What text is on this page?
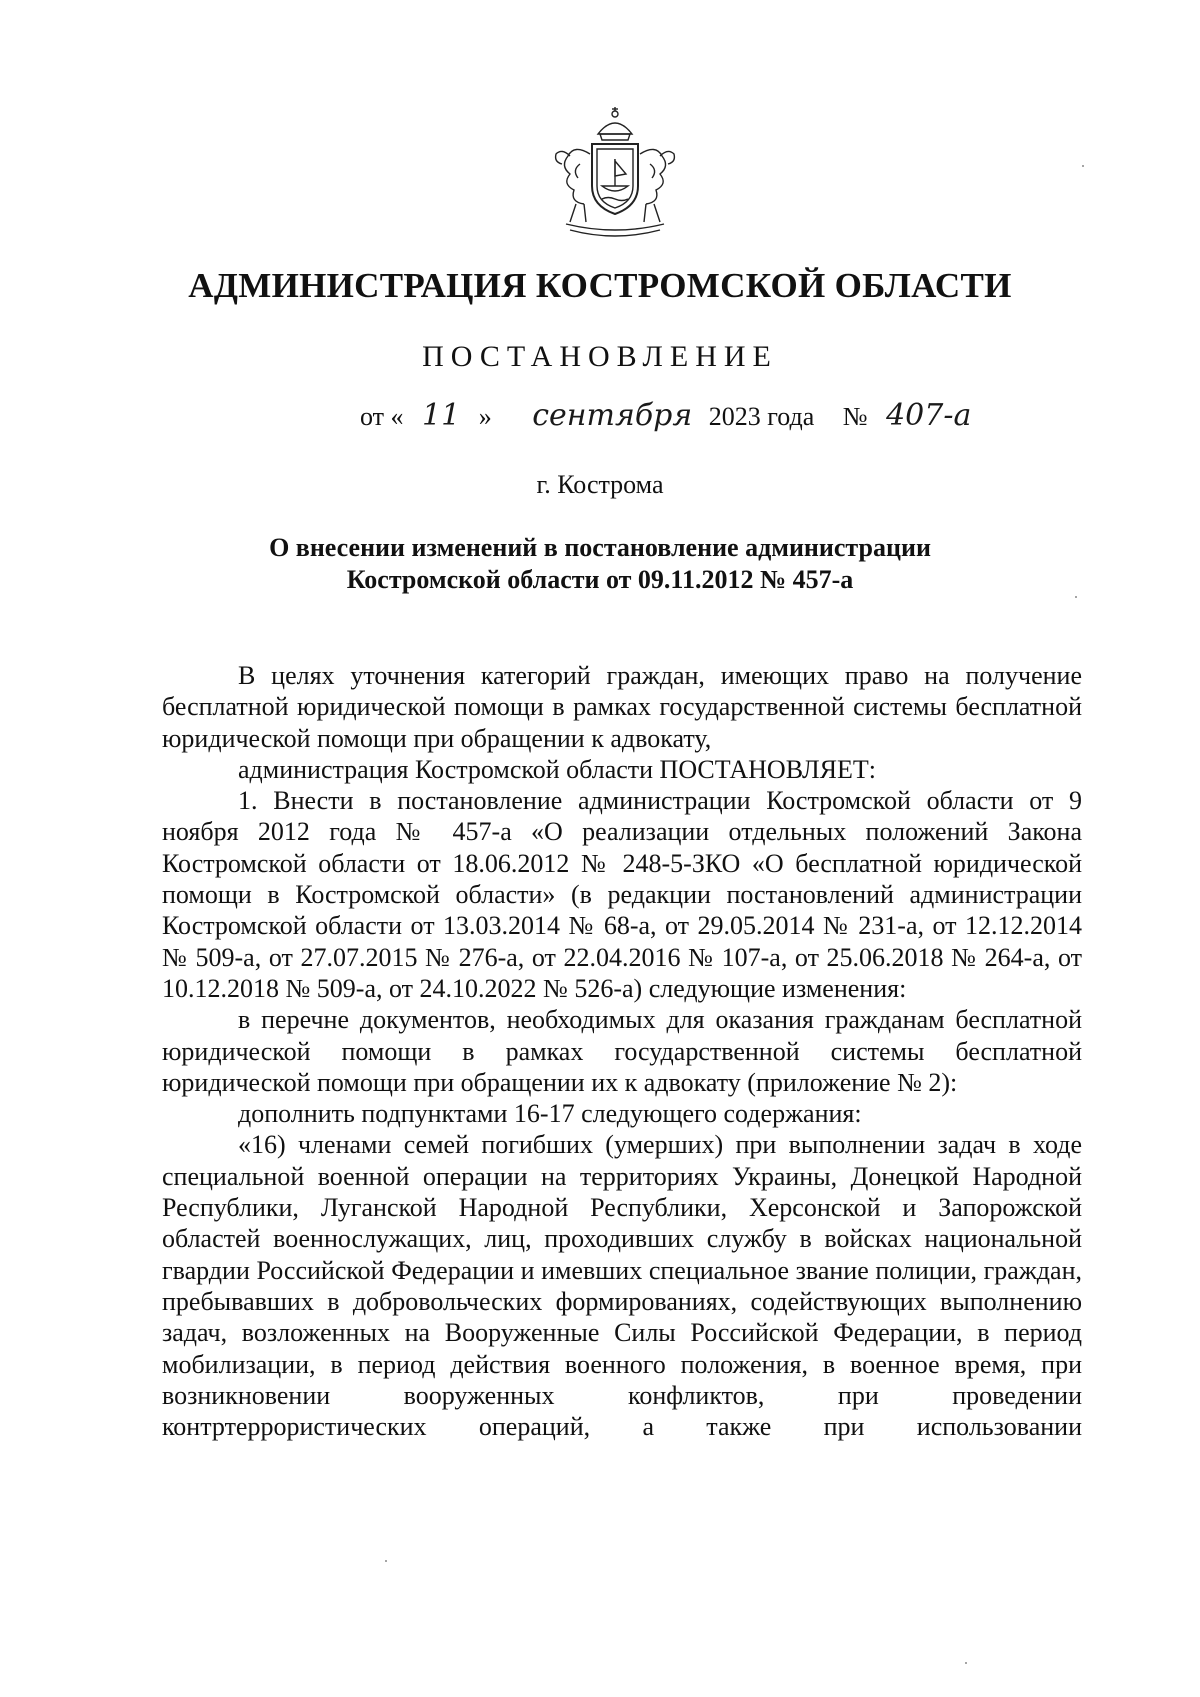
АДМИНИСТРАЦИЯ КОСТРОМСКОЙ ОБЛАСТИ
ПОСТАНОВЛЕНИЕ
от « 11 » сентября 2023 года № 407-а
г. Кострома
О внесении изменений в постановление администрации
Костромской области от 09.11.2012 № 457-а

В целях уточнения категорий граждан, имеющих право на получение бесплатной юридической помощи в рамках государственной системы бесплатной юридической помощи при обращении к адвокату,

администрация Костромской области ПОСТАНОВЛЯЕТ:

1. Внести в постановление администрации Костромской области от 9 ноября 2012 года № 457-а «О реализации отдельных положений Закона Костромской области от 18.06.2012 № 248-5-ЗКО «О бесплатной юридической помощи в Костромской области» (в редакции постановлений администрации Костромской области от 13.03.2014 № 68-а, от 29.05.2014 № 231-а, от 12.12.2014 № 509-а, от 27.07.2015 № 276-а, от 22.04.2016 № 107-а, от 25.06.2018 № 264-а, от 10.12.2018 № 509-а, от 24.10.2022 № 526-а) следующие изменения:

в перечне документов, необходимых для оказания гражданам бесплатной юридической помощи в рамках государственной системы бесплатной юридической помощи при обращении их к адвокату (приложение № 2):

дополнить подпунктами 16-17 следующего содержания:

«16) членами семей погибших (умерших) при выполнении задач в ходе специальной военной операции на территориях Украины, Донецкой Народной Республики, Луганской Народной Республики, Херсонской и Запорожской областей военнослужащих, лиц, проходивших службу в войсках национальной гвардии Российской Федерации и имевших специальное звание полиции, граждан, пребывавших в добровольческих формированиях, содействующих выполнению задач, возложенных на Вооруженные Силы Российской Федерации, в период мобилизации, в период действия военного положения, в военное время, при возникновении вооруженных конфликтов, при проведении контртеррористических операций, а также при использовании
